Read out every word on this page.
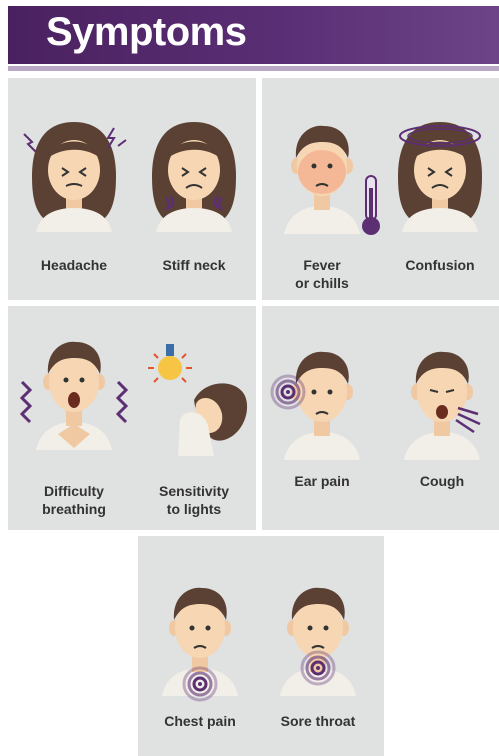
Symptoms
Headache	Stiff neck	Fever
or chills
Confusion
Difficulty
breathing
Sensitivity
to lights
Ear pain	Cough
Chest pain	Sore throat
